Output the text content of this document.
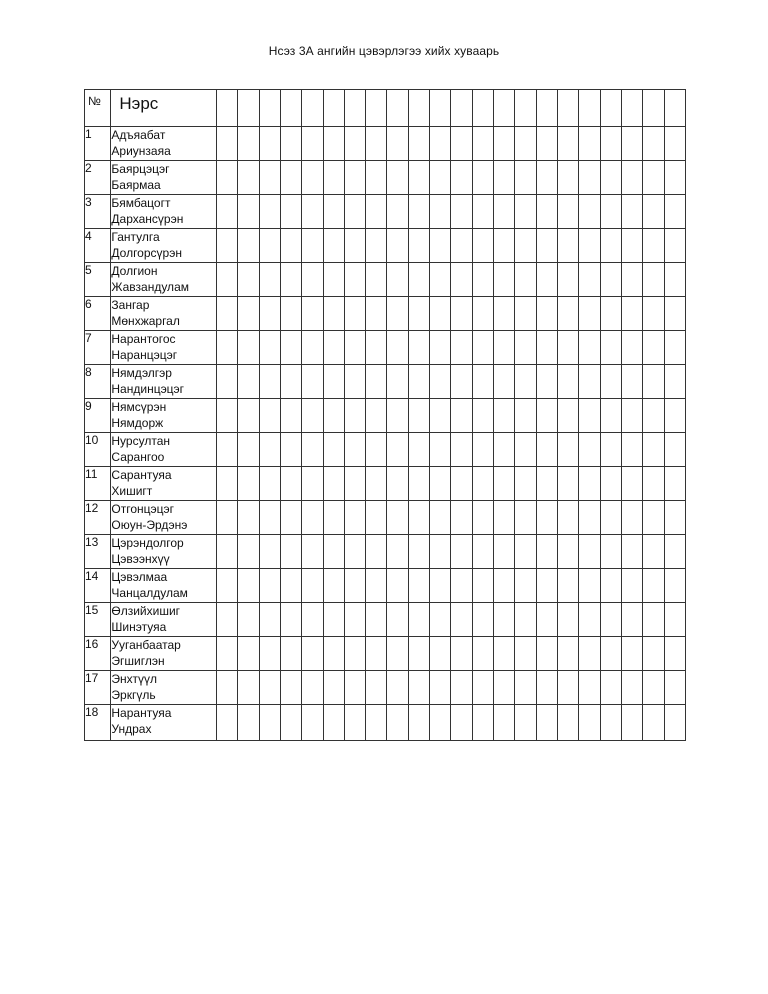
Нсэз 3А ангийн цэвэрлэгээ хийх хуваарь
№	Нэрс																						
1	Адъяабат
Ариунзаяа																						

2	Баярцэцэг
Баярмаа																						

3	Бямбацогт
Дархансүрэн																						

4	Гантулга
Долгорсүрэн																						

5	Долгион
Жавзандулам																						

6	Зангар
Мөнхжаргал																						

7	Нарантогос
Наранцэцэг																						

8	Нямдэлгэр
Нандинцэцэг																						

9	Нямсүрэн
Нямдорж																						

10	Нурсултан
Сарангоо																						

11	Сарантуяа
Хишигт																						

12	Отгонцэцэг
Оюун-Эрдэнэ																						

13	Цэрэндолгор
Цэвээнхүү																						

14	Цэвэлмаа
Чанцалдулам																						

15	Өлзийхишиг
Шинэтуяа																						

16	Ууганбаатар
Эгшиглэн																						

17	Энхтүүл
Эркгүль																						

18	Нарантуяа
Ундрах																						
